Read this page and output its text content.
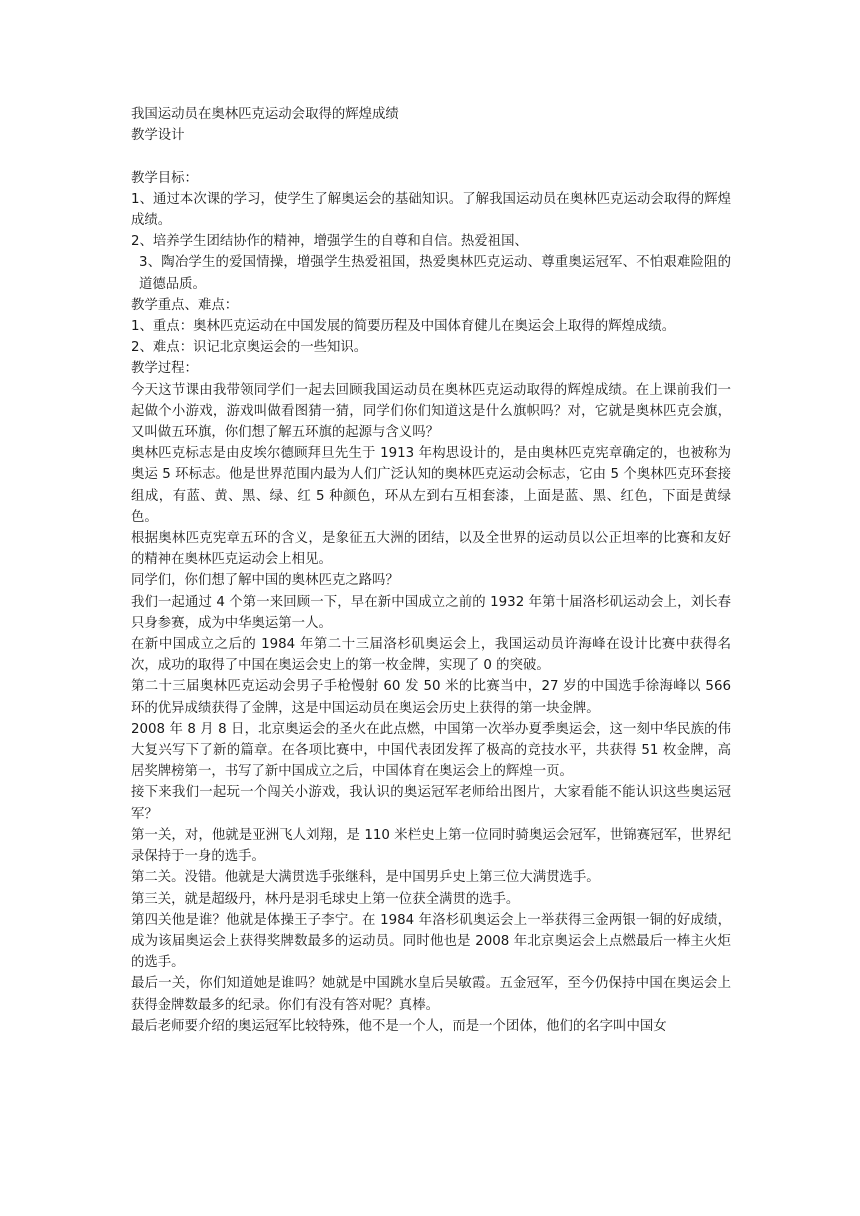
我国运动员在奥林匹克运动会取得的辉煌成绩

教学设计

教学目标：

1、通过本次课的学习，使学生了解奥运会的基础知识。了解我国运动员在奥林匹克运动会取得的辉煌成绩。

2、培养学生团结协作的精神，增强学生的自尊和自信。热爱祖国、

3、陶冶学生的爱国情操，增强学生热爱祖国，热爱奥林匹克运动、尊重奥运冠军、不怕艰难险阻的道德品质。

教学重点、难点：

1、重点：奥林匹克运动在中国发展的简要历程及中国体育健儿在奥运会上取得的辉煌成绩。

2、难点：识记北京奥运会的一些知识。

教学过程：

今天这节课由我带领同学们一起去回顾我国运动员在奥林匹克运动取得的辉煌成绩。在上课前我们一起做个小游戏，游戏叫做看图猜一猜，同学们你们知道这是什么旗帜吗？对，它就是奥林匹克会旗，又叫做五环旗，你们想了解五环旗的起源与含义吗？

奥林匹克标志是由皮埃尔德顾拜旦先生于 1913 年构思设计的，是由奥林匹克宪章确定的，也被称为奥运 5 环标志。他是世界范围内最为人们广泛认知的奥林匹克运动会标志，它由 5 个奥林匹克环套接组成，有蓝、黄、黑、绿、红 5 种颜色，环从左到右互相套漆，上面是蓝、黑、红色，下面是黄绿色。

根据奥林匹克宪章五环的含义，是象征五大洲的团结，以及全世界的运动员以公正坦率的比赛和友好的精神在奥林匹克运动会上相见。

同学们，你们想了解中国的奥林匹克之路吗？

我们一起通过 4 个第一来回顾一下，早在新中国成立之前的 1932 年第十届洛杉矶运动会上，刘长春只身参赛，成为中华奥运第一人。

在新中国成立之后的 1984 年第二十三届洛杉矶奥运会上，我国运动员许海峰在设计比赛中获得名次，成功的取得了中国在奥运会史上的第一枚金牌，实现了 0 的突破。

第二十三届奥林匹克运动会男子手枪慢射 60 发 50 米的比赛当中，27 岁的中国选手徐海峰以 566 环的优异成绩获得了金牌，这是中国运动员在奥运会历史上获得的第一块金牌。

2008 年 8 月 8 日，北京奥运会的圣火在此点燃，中国第一次举办夏季奥运会，这一刻中华民族的伟大复兴写下了新的篇章。在各项比赛中，中国代表团发挥了极高的竞技水平，共获得 51 枚金牌，高居奖牌榜第一，书写了新中国成立之后，中国体育在奥运会上的辉煌一页。

接下来我们一起玩一个闯关小游戏，我认识的奥运冠军老师给出图片，大家看能不能认识这些奥运冠军？

第一关，对，他就是亚洲飞人刘翔，是 110 米栏史上第一位同时骑奥运会冠军，世锦赛冠军，世界纪录保持于一身的选手。

第二关。没错。他就是大满贯选手张继科，是中国男乒史上第三位大满贯选手。

第三关，就是超级丹，林丹是羽毛球史上第一位获全满贯的选手。

第四关他是谁？他就是体操王子李宁。在 1984 年洛杉矶奥运会上一举获得三金两银一铜的好成绩，成为该届奥运会上获得奖牌数最多的运动员。同时他也是 2008 年北京奥运会上点燃最后一棒主火炬的选手。

最后一关，你们知道她是谁吗？她就是中国跳水皇后吴敏霞。五金冠军，至今仍保持中国在奥运会上获得金牌数最多的纪录。你们有没有答对呢？真棒。

最后老师要介绍的奥运冠军比较特殊，他不是一个人，而是一个团体，他们的名字叫中国女
